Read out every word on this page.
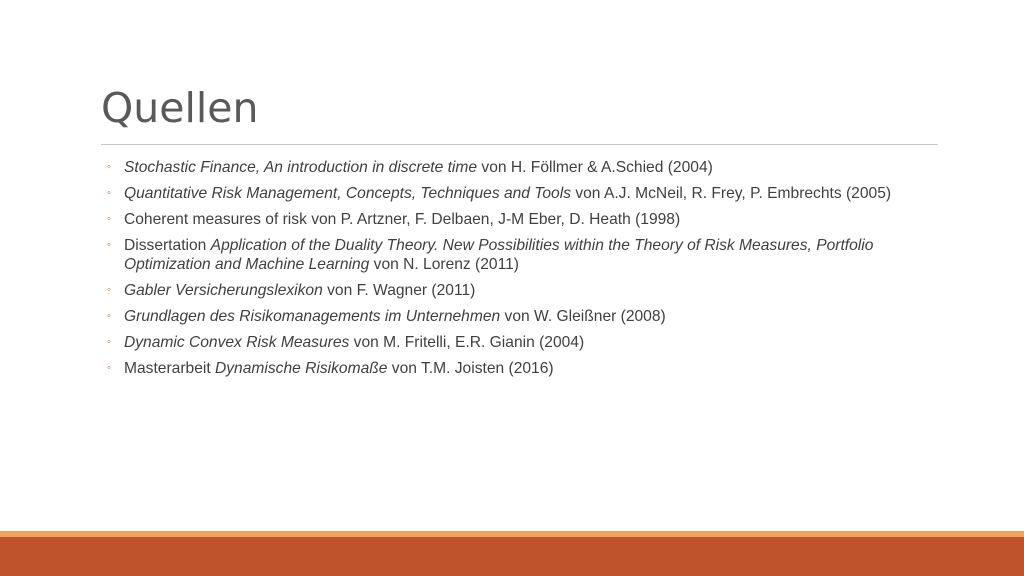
Quellen
◦ Stochastic Finance, An introduction in discrete time von H. Föllmer & A.Schied (2004)
◦ Quantitative Risk Management, Concepts, Techniques and Tools von A.J. McNeil, R. Frey, P. Embrechts (2005)
◦ Coherent measures of risk von P. Artzner, F. Delbaen, J-M Eber, D. Heath (1998)
◦ Dissertation Application of the Duality Theory. New Possibilities within the Theory of Risk Measures, Portfolio Optimization and Machine Learning von N. Lorenz (2011)
◦ Gabler Versicherungslexikon von F. Wagner (2011)
◦ Grundlagen des Risikomanagements im Unternehmen von W. Gleißner (2008)
◦ Dynamic Convex Risk Measures von M. Fritelli, E.R. Gianin (2004)
◦ Masterarbeit Dynamische Risikomaße von T.M. Joisten (2016)
